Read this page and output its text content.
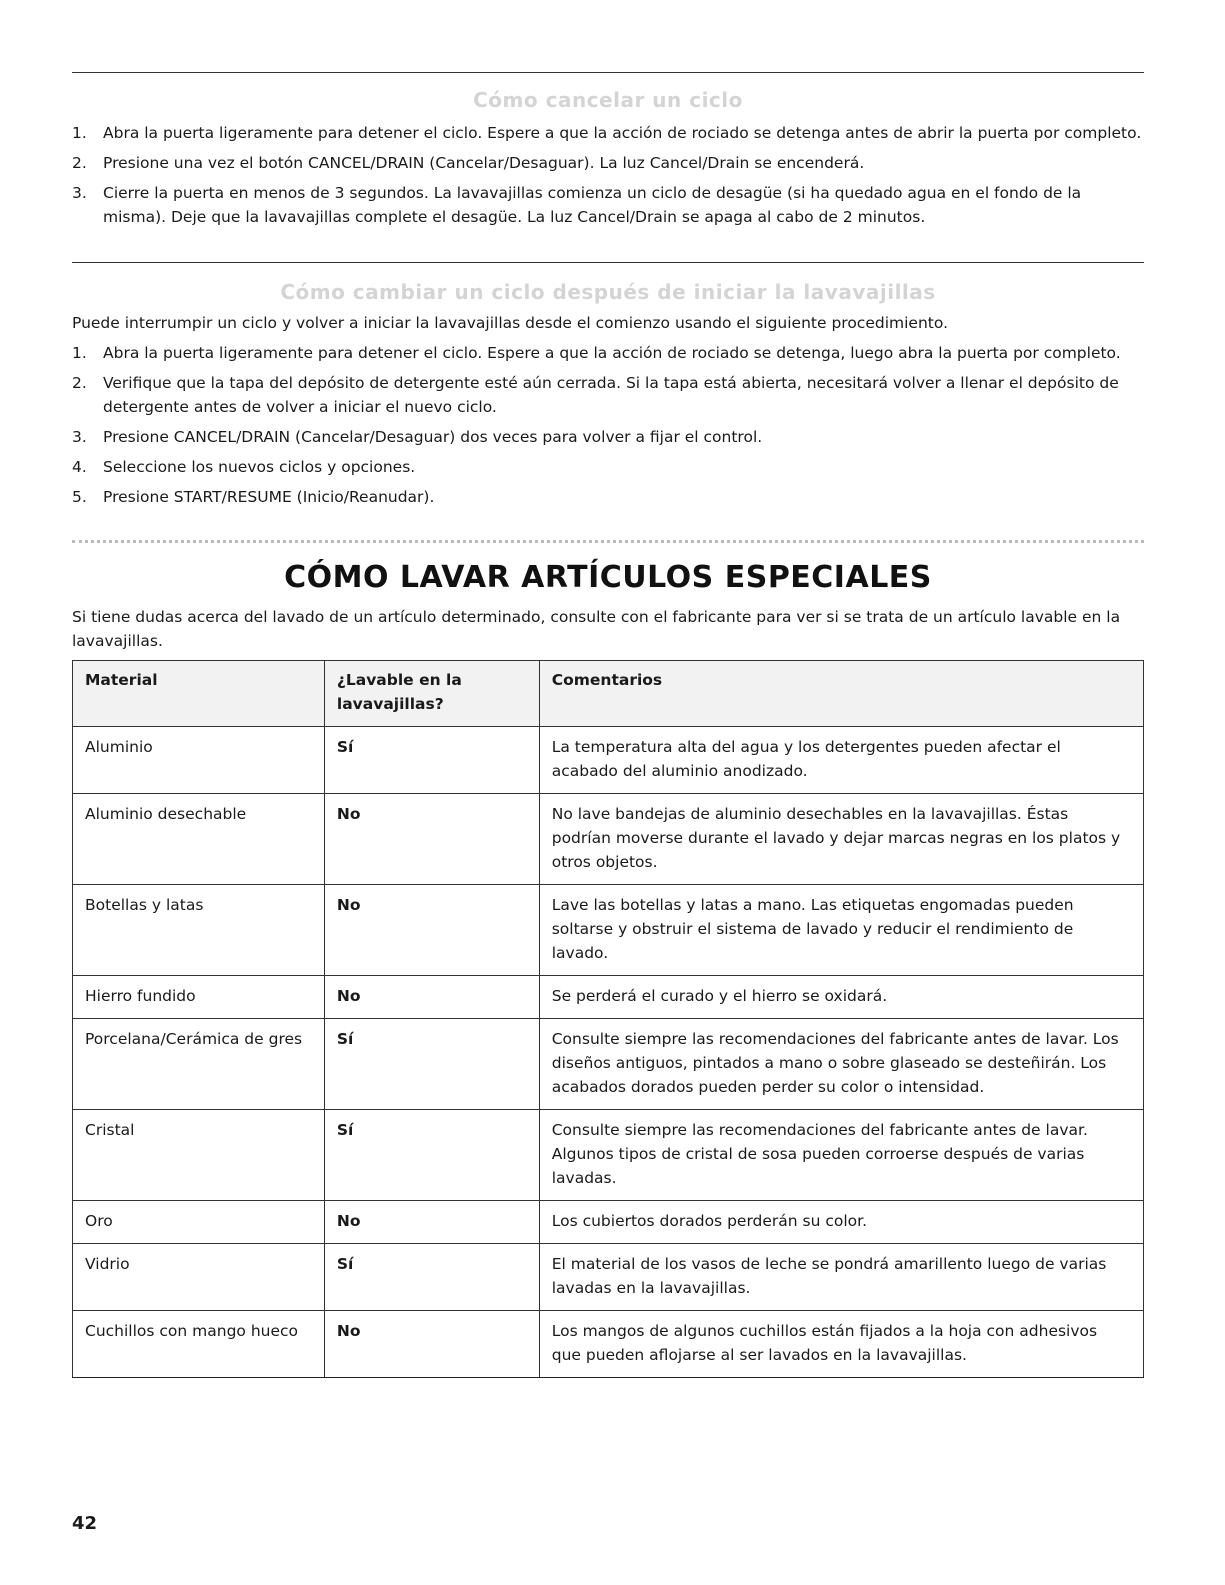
Cómo cancelar un ciclo
1. Abra la puerta ligeramente para detener el ciclo. Espere a que la acción de rociado se detenga antes de abrir la puerta por completo.
2. Presione una vez el botón CANCEL/DRAIN (Cancelar/Desaguar). La luz Cancel/Drain se encenderá.
3. Cierre la puerta en menos de 3 segundos. La lavavajillas comienza un ciclo de desagüe (si ha quedado agua en el fondo de la misma). Deje que la lavavajillas complete el desagüe. La luz Cancel/Drain se apaga al cabo de 2 minutos.
Cómo cambiar un ciclo después de iniciar la lavavajillas

Puede interrumpir un ciclo y volver a iniciar la lavavajillas desde el comienzo usando el siguiente procedimiento.

1. Abra la puerta ligeramente para detener el ciclo. Espere a que la acción de rociado se detenga, luego abra la puerta por completo.
2. Verifique que la tapa del depósito de detergente esté aún cerrada. Si la tapa está abierta, necesitará volver a llenar el depósito de detergente antes de volver a iniciar el nuevo ciclo.
3. Presione CANCEL/DRAIN (Cancelar/Desaguar) dos veces para volver a fijar el control.
4. Seleccione los nuevos ciclos y opciones.
5. Presione START/RESUME (Inicio/Reanudar).
CÓMO LAVAR ARTÍCULOS ESPECIALES

Si tiene dudas acerca del lavado de un artículo determinado, consulte con el fabricante para ver si se trata de un artículo lavable en la lavavajillas.

Material	¿Lavable en la lavavajillas?	Comentarios
Aluminio	Sí	La temperatura alta del agua y los detergentes pueden afectar el acabado del aluminio anodizado.
Aluminio desechable	No	No lave bandejas de aluminio desechables en la lavavajillas. Éstas podrían moverse durante el lavado y dejar marcas negras en los platos y otros objetos.
Botellas y latas	No	Lave las botellas y latas a mano. Las etiquetas engomadas pueden soltarse y obstruir el sistema de lavado y reducir el rendimiento de lavado.
Hierro fundido	No	Se perderá el curado y el hierro se oxidará.
Porcelana/Cerámica de gres	Sí	Consulte siempre las recomendaciones del fabricante antes de lavar. Los diseños antiguos, pintados a mano o sobre glaseado se desteñirán. Los acabados dorados pueden perder su color o intensidad.
Cristal	Sí	Consulte siempre las recomendaciones del fabricante antes de lavar. Algunos tipos de cristal de sosa pueden corroerse después de varias lavadas.
Oro	No	Los cubiertos dorados perderán su color.
Vidrio	Sí	El material de los vasos de leche se pondrá amarillento luego de varias lavadas en la lavavajillas.
Cuchillos con mango hueco	No	Los mangos de algunos cuchillos están fijados a la hoja con adhesivos que pueden aflojarse al ser lavados en la lavavajillas.
42
